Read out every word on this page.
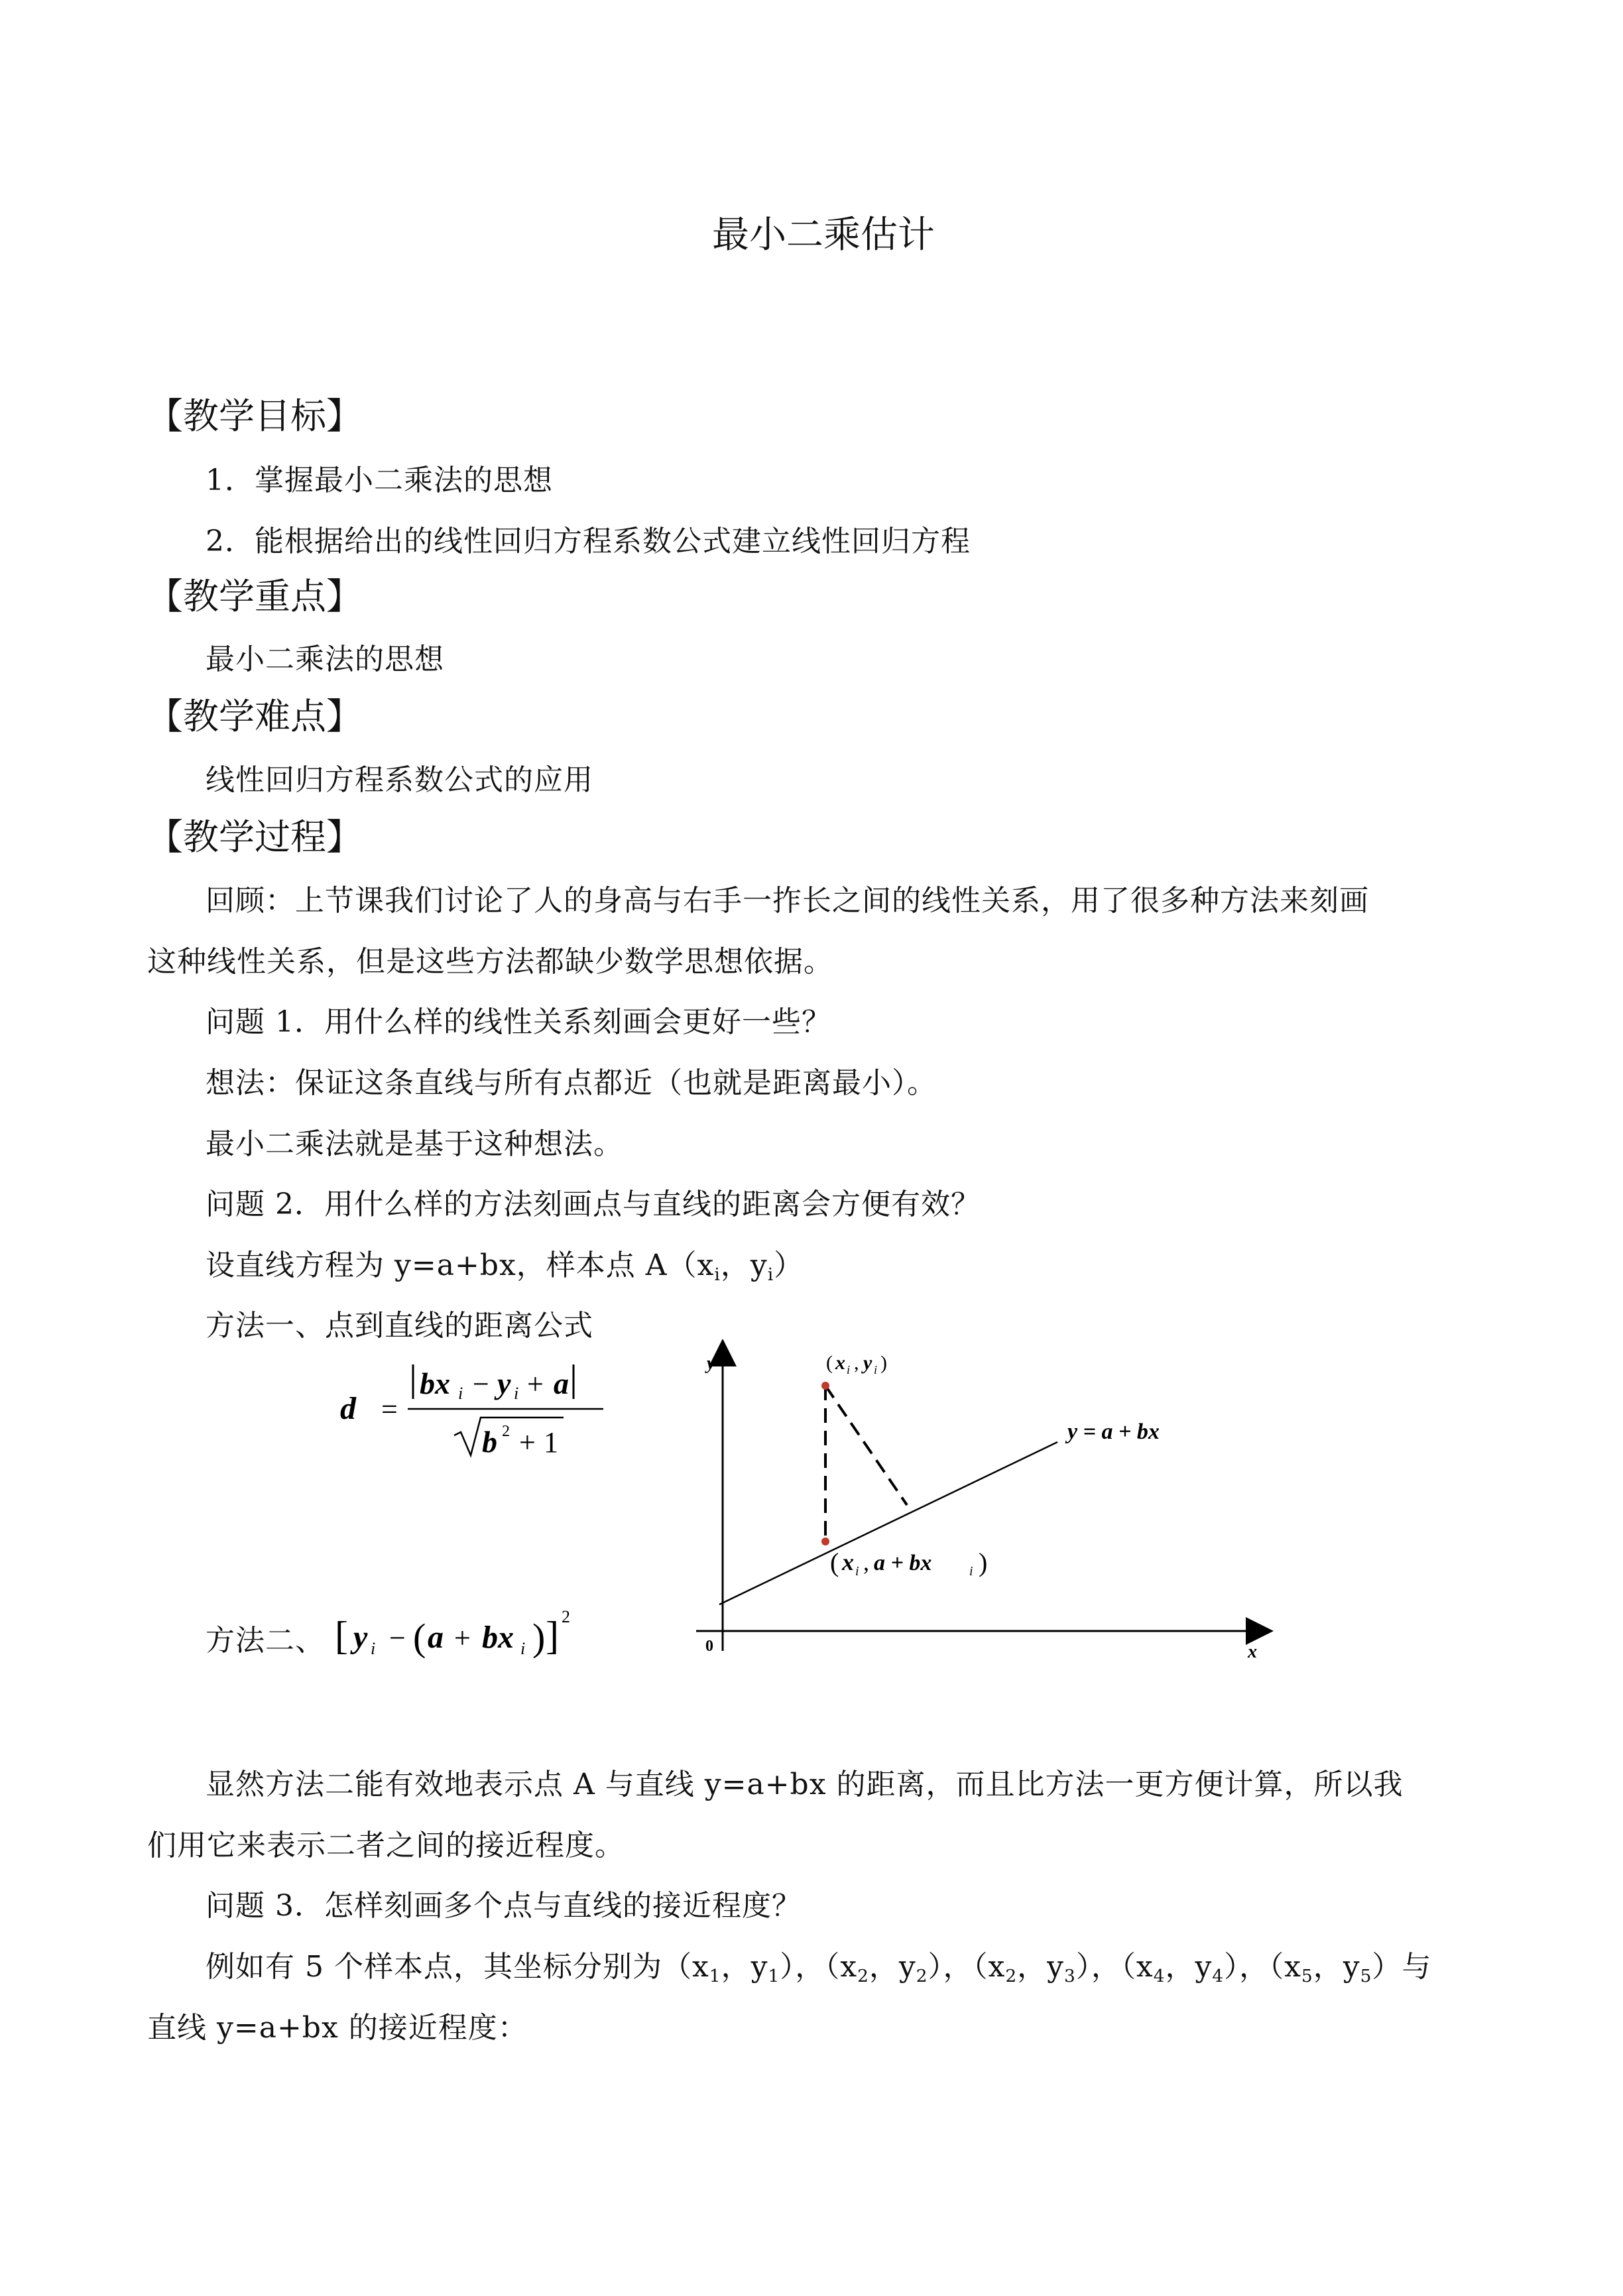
最小二乘估计
【教学目标】
1．掌握最小二乘法的思想
2．能根据给出的线性回归方程系数公式建立线性回归方程
【教学重点】
最小二乘法的思想
【教学难点】
线性回归方程系数公式的应用
【教学过程】
回顾：上节课我们讨论了人的身高与右手一拃长之间的线性关系，用了很多种方法来刻画
这种线性关系，但是这些方法都缺少数学思想依据。
问题 1．用什么样的线性关系刻画会更好一些？
想法：保证这条直线与所有点都近（也就是距离最小）。
最小二乘法就是基于这种想法。
问题 2．用什么样的方法刻画点与直线的距离会方便有效？
设直线方程为 y=a+bx，样本点 $A(x_i$，$y_i$）
方法一、点到直线的距离公式
d =
bx i − y i + a
b 2 + 1
方法二、 [ y i − ( a + bx i ) ] 2
y
x
0
y = a + bx
( x i , y i )
( x i , a + bx	i )
显然方法二能有效地表示点 A 与直线 y=a+bx 的距离，而且比方法一更方便计算，所以我
们用它来表示二者之间的接近程度。
问题 3．怎样刻画多个点与直线的接近程度？
例如有 5 个样本点，其坐标分别为（$x_1$，$y_1$），（$x_2$，$y_2$），（$x_2$，$y_3$），（$x_4$，$y_4$），（$x_5$，$y_5$）与
直线 y=a+bx 的接近程度：
